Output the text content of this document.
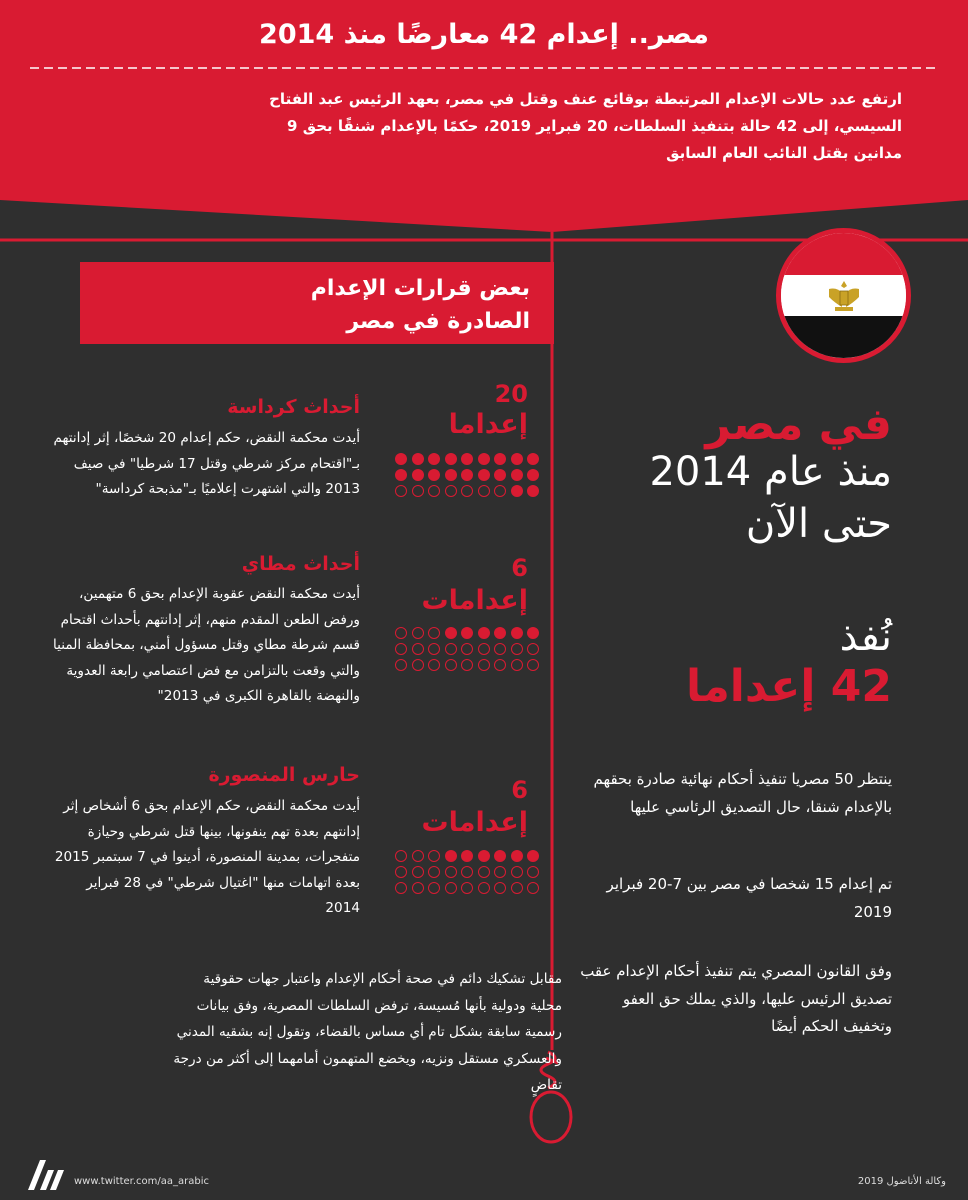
مصر.. إعدام 42 معارضًا منذ 2014
ارتفع عدد حالات الإعدام المرتبطة بوقائع عنف وقتل في مصر، بعهد الرئيس عبد الفتاح السيسي، إلى 42 حالة بتنفيذ السلطات، 20 فبراير 2019، حكمًا بالإعدام شنقًا بحق 9 مدانين بقتل النائب العام السابق
بعض قرارات الإعدام
الصادرة في مصر
أحداث كرداسة
أيدت محكمة النقض، حكم إعدام 20 شخصًا، إثر إدانتهم بـ"اقتحام مركز شرطي وقتل 17 شرطيا" في صيف 2013 والتي اشتهرت إعلاميًا بـ"مذبحة كرداسة"
20
إعداما
أحداث مطاي
أيدت محكمة النقض عقوبة الإعدام بحق 6 متهمين، ورفض الطعن المقدم منهم، إثر إدانتهم بأحداث اقتحام قسم شرطة مطاي وقتل مسؤول أمني، بمحافظة المنيا والتي وقعت بالتزامن مع فض اعتصامي رابعة العدوية والنهضة بالقاهرة الكبرى في 2013"
6
إعدامات
حارس المنصورة
أيدت محكمة النقض، حكم الإعدام بحق 6 أشخاص إثر إدانتهم بعدة تهم ينفونها، بينها قتل شرطي وحيازة متفجرات، بمدينة المنصورة، أدينوا في 7 سبتمبر 2015 بعدة اتهامات منها "اغتيال شرطي" في 28 فبراير 2014
6
إعدامات
مقابل تشكيك دائم في صحة أحكام الإعدام واعتبار جهات حقوقية محلية ودولية بأنها مُسيسة، ترفض السلطات المصرية، وفق بيانات رسمية سابقة بشكل تام أي مساس بالقضاء، وتقول إنه بشقيه المدني والعسكري مستقل ونزيه، ويخضع المتهمون أمامهما إلى أكثر من درجة تقاضٍ
في مصر
منذ عام 2014
حتى الآن
نُفذ
42 إعداما
ينتظر 50 مصريا تنفيذ أحكام نهائية صادرة بحقهم بالإعدام شنقا، حال التصديق الرئاسي عليها
تم إعدام 15 شخصا في مصر بين 7-20 فبراير 2019
وفق القانون المصري يتم تنفيذ أحكام الإعدام عقب تصديق الرئيس عليها، والذي يملك حق العفو وتخفيف الحكم أيضًا
www.twitter.com/aa_arabic	وكالة الأناضول 2019
